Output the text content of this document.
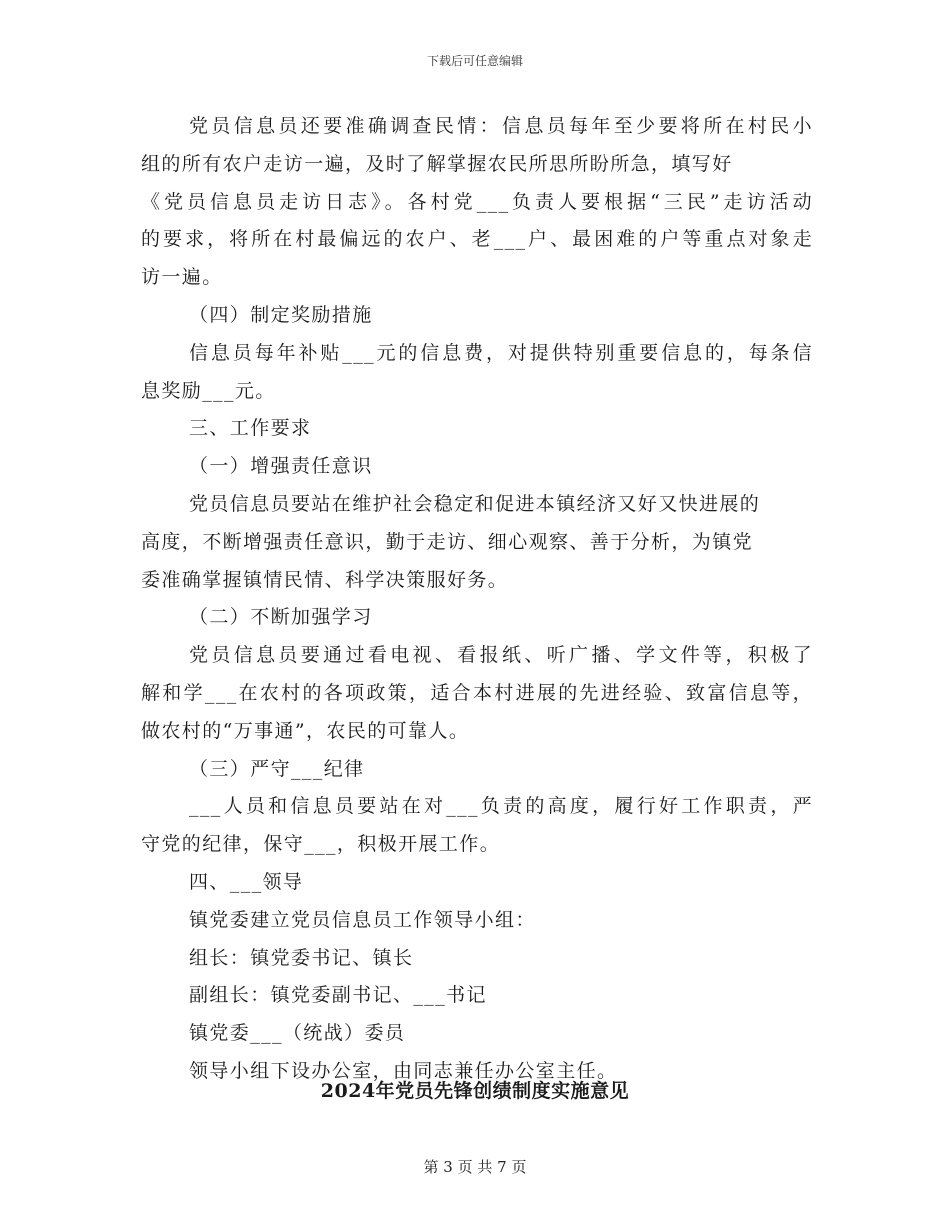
下载后可任意编辑
党员信息员还要准确调查民情：信息员每年至少要将所在村民小
组的所有农户走访一遍，及时了解掌握农民所思所盼所急，填写好
《党员信息员走访日志》。各村党___负责人要根据“三民”走访活动
的要求，将所在村最偏远的农户、老___户、最困难的户等重点对象走
访一遍。
（四）制定奖励措施
信息员每年补贴___元的信息费，对提供特别重要信息的，每条信
息奖励___元。
三、工作要求
（一）增强责任意识
党员信息员要站在维护社会稳定和促进本镇经济又好又快进展的
高度，不断增强责任意识，勤于走访、细心观察、善于分析，为镇党
委准确掌握镇情民情、科学决策服好务。
（二）不断加强学习
党员信息员要通过看电视、看报纸、听广播、学文件等，积极了
解和学___在农村的各项政策，适合本村进展的先进经验、致富信息等，
做农村的“万事通”，农民的可靠人。
（三）严守___纪律
___人员和信息员要站在对___负责的高度，履行好工作职责，严
守党的纪律，保守___，积极开展工作。
四、___领导
镇党委建立党员信息员工作领导小组：
组长：镇党委书记、镇长
副组长：镇党委副书记、___书记
镇党委___（统战）委员
领导小组下设办公室，由同志兼任办公室主任。
2024年党员先锋创绩制度实施意见
第 3 页 共 7 页
